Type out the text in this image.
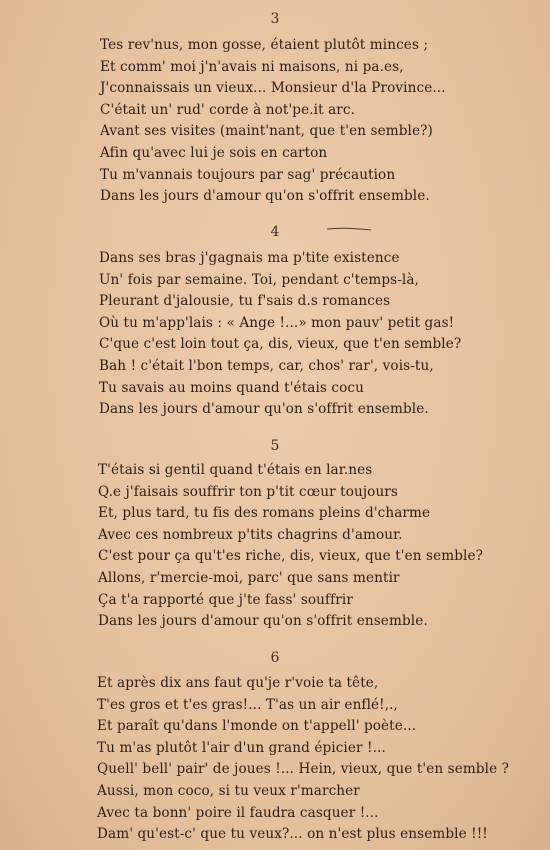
3
Tes rev'nus, mon gosse, étaient plutôt minces ;
Et comm' moi j'n'avais ni maisons, ni pa.es,
J'connaissais un vieux... Monsieur d'la Province...
C'était un' rud' corde à not'pe.it arc.
Avant ses visites (maint'nant, que t'en semble?)
Afin qu'avec lui je sois en carton
Tu m'vannais toujours par sag' précaution
Dans les jours d'amour qu'on s'offrit ensemble.
4
Dans ses bras j'gagnais ma p'tite existence
Un' fois par semaine. Toi, pendant c'temps-là,
Pleurant d'jalousie, tu f'sais d.s romances
Où tu m'app'lais : « Ange !...» mon pauv' petit gas!
C'que c'est loin tout ça, dis, vieux, que t'en semble?
Bah ! c'était l'bon temps, car, chos' rar', vois-tu,
Tu savais au moins quand t'étais cocu
Dans les jours d'amour qu'on s'offrit ensemble.
5
T'étais si gentil quand t'étais en lar.nes
Q.e j'faisais souffrir ton p'tit cœur toujours
Et, plus tard, tu fis des romans pleins d'charme
Avec ces nombreux p'tits chagrins d'amour.
C'est pour ça qu't'es riche, dis, vieux, que t'en semble?
Allons, r'mercie-moi, parc' que sans mentir
Ça t'a rapporté que j'te fass' souffrir
Dans les jours d'amour qu'on s'offrit ensemble.
6
Et après dix ans faut qu'je r'voie ta tête,
T'es gros et t'es gras!... T'as un air enflé!,.,
Et paraît qu'dans l'monde on t'appell' poète...
Tu m'as plutôt l'air d'un grand épicier !...
Quell' bell' pair' de joues !... Hein, vieux, que t'en semble ?
Aussi, mon coco, si tu veux r'marcher
Avec ta bonn' poire il faudra casquer !...
Dam' qu'est-c' que tu veux?... on n'est plus ensemble !!!
